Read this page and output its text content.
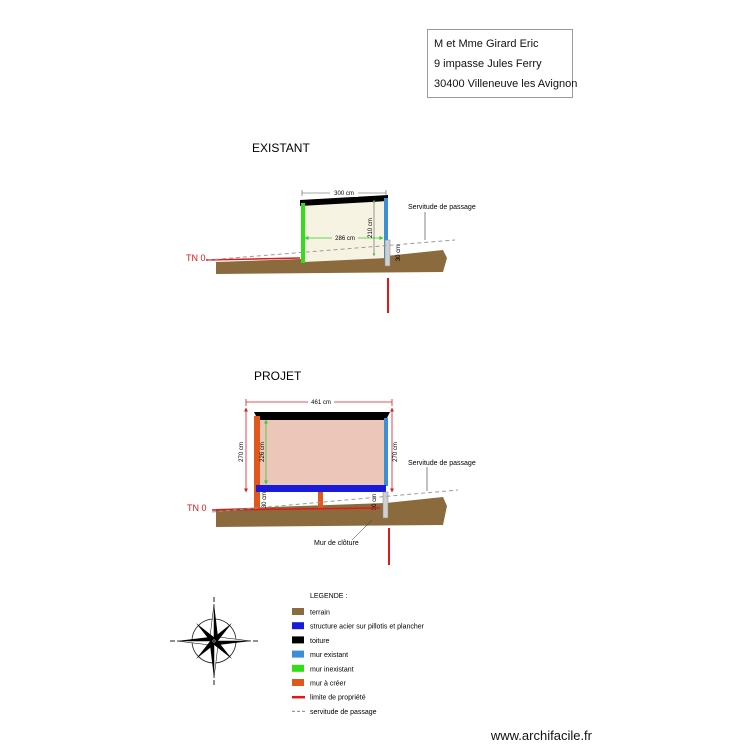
M et Mme Girard Eric
9 impasse Jules Ferry
30400 Villeneuve les Avignon
EXISTANT
300 cm
286 cm
210 cm
30 cm
TN 0
Servitude de passage
PROJET
461 cm
270 cm	270 cm
226 cm
30 cm	30 cm
TN 0
Mur de clôture
Servitude de passage
LEGENDE :
terrain
structure acier sur pillotis et plancher
toiture
mur existant
mur inexistant
mur à créer
limite de propriété
servitude de passage
www.archifacile.fr
